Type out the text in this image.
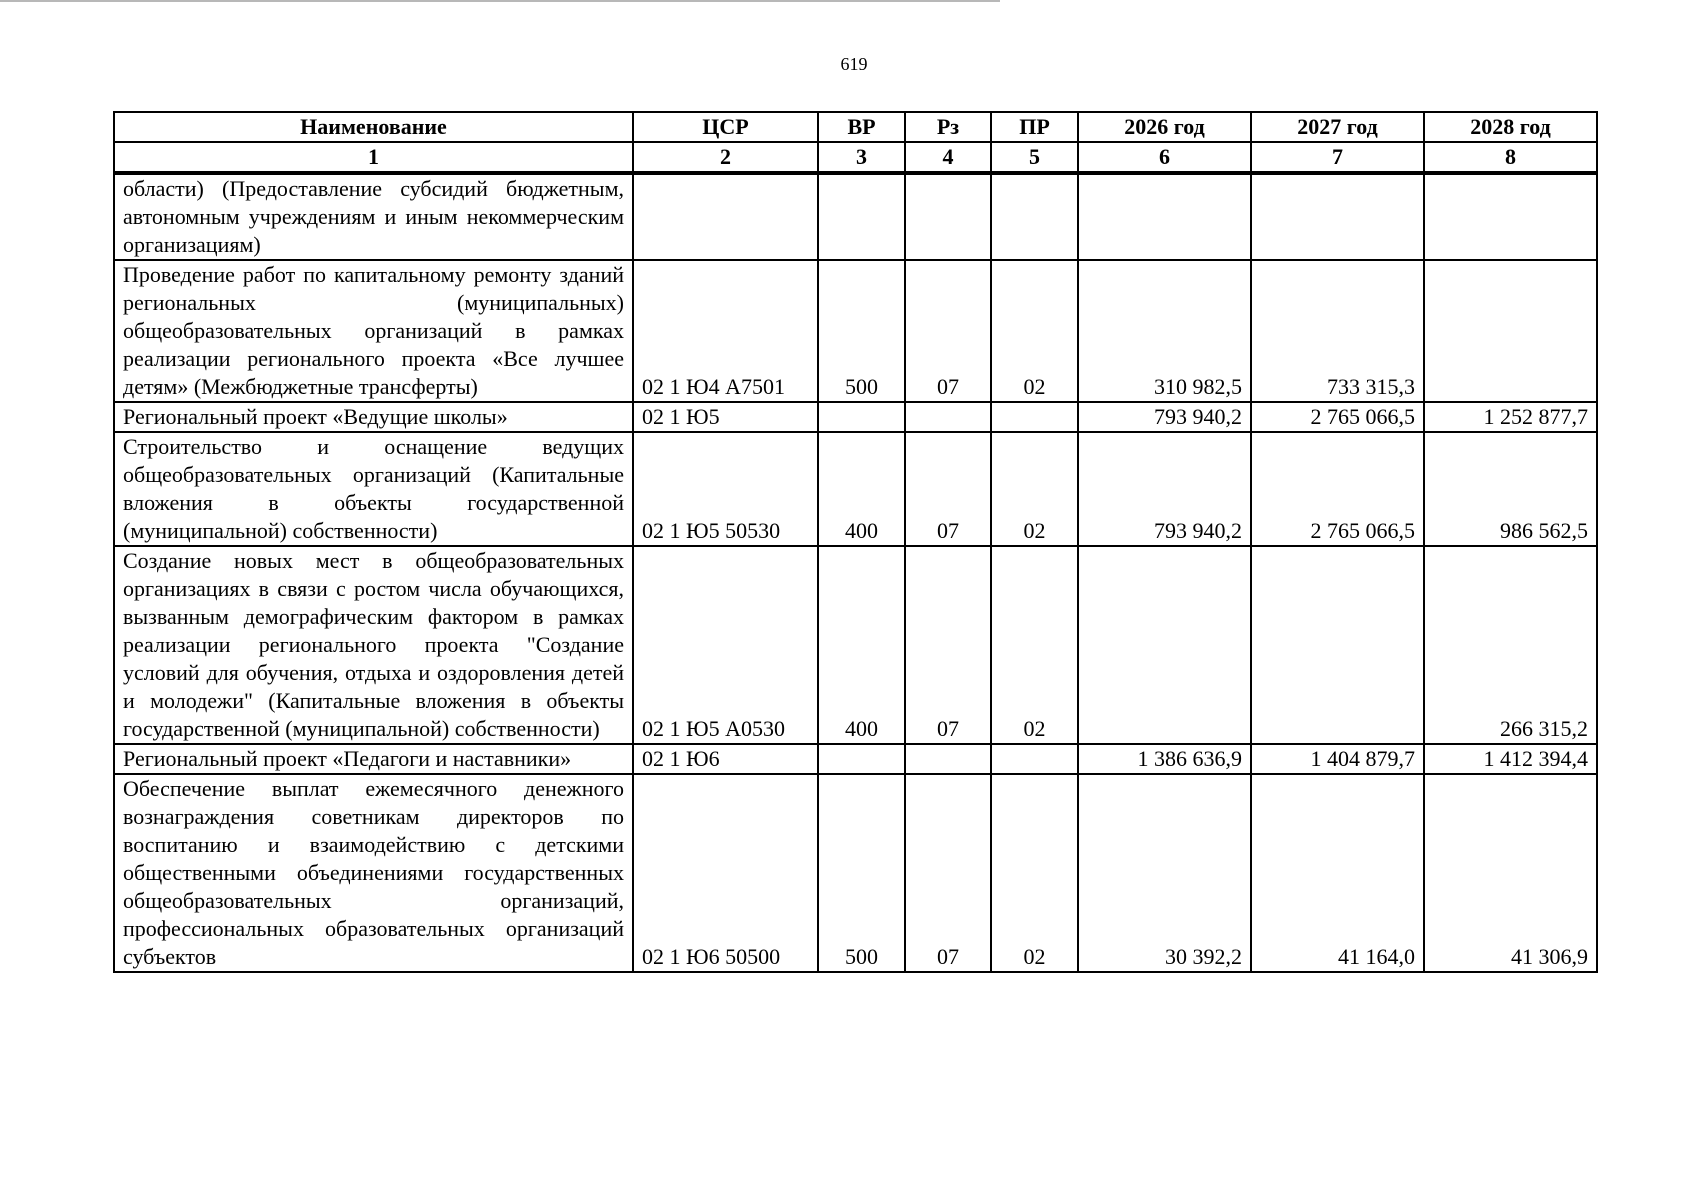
619
Наименование	ЦСР	ВР	Рз	ПР	2026 год	2027 год	2028 год
1	2	3	4	5	6	7	8
области) (Предоставление субсидий бюджетным, автономным учреждениям и иным некоммерческим организациям)							
Проведение работ по капитальному ремонту зданий региональных (муниципальных) общеобразовательных организаций в рамках реализации регионального проекта «Все лучшее детям» (Межбюджетные трансферты)	02 1 Ю4 А7501	500	07	02	310 982,5	733 315,3	
Региональный проект «Ведущие школы»	02 1 Ю5				793 940,2	2 765 066,5	1 252 877,7
Строительство и оснащение ведущих общеобразовательных организаций (Капитальные вложения в объекты государственной (муниципальной) собственности)	02 1 Ю5 50530	400	07	02	793 940,2	2 765 066,5	986 562,5
Создание новых мест в общеобразовательных организациях в связи с ростом числа обучающихся, вызванным демографическим фактором в рамках реализации регионального проекта "Создание условий для обучения, отдыха и оздоровления детей и молодежи" (Капитальные вложения в объекты государственной (муниципальной) собственности)	02 1 Ю5 А0530	400	07	02			266 315,2
Региональный проект «Педагоги и наставники»	02 1 Ю6				1 386 636,9	1 404 879,7	1 412 394,4
Обеспечение выплат ежемесячного денежного вознаграждения советникам директоров по воспитанию и взаимодействию с детскими общественными объединениями государственных общеобразовательных организаций, профессиональных образовательных организаций субъектов	02 1 Ю6 50500	500	07	02	30 392,2	41 164,0	41 306,9
